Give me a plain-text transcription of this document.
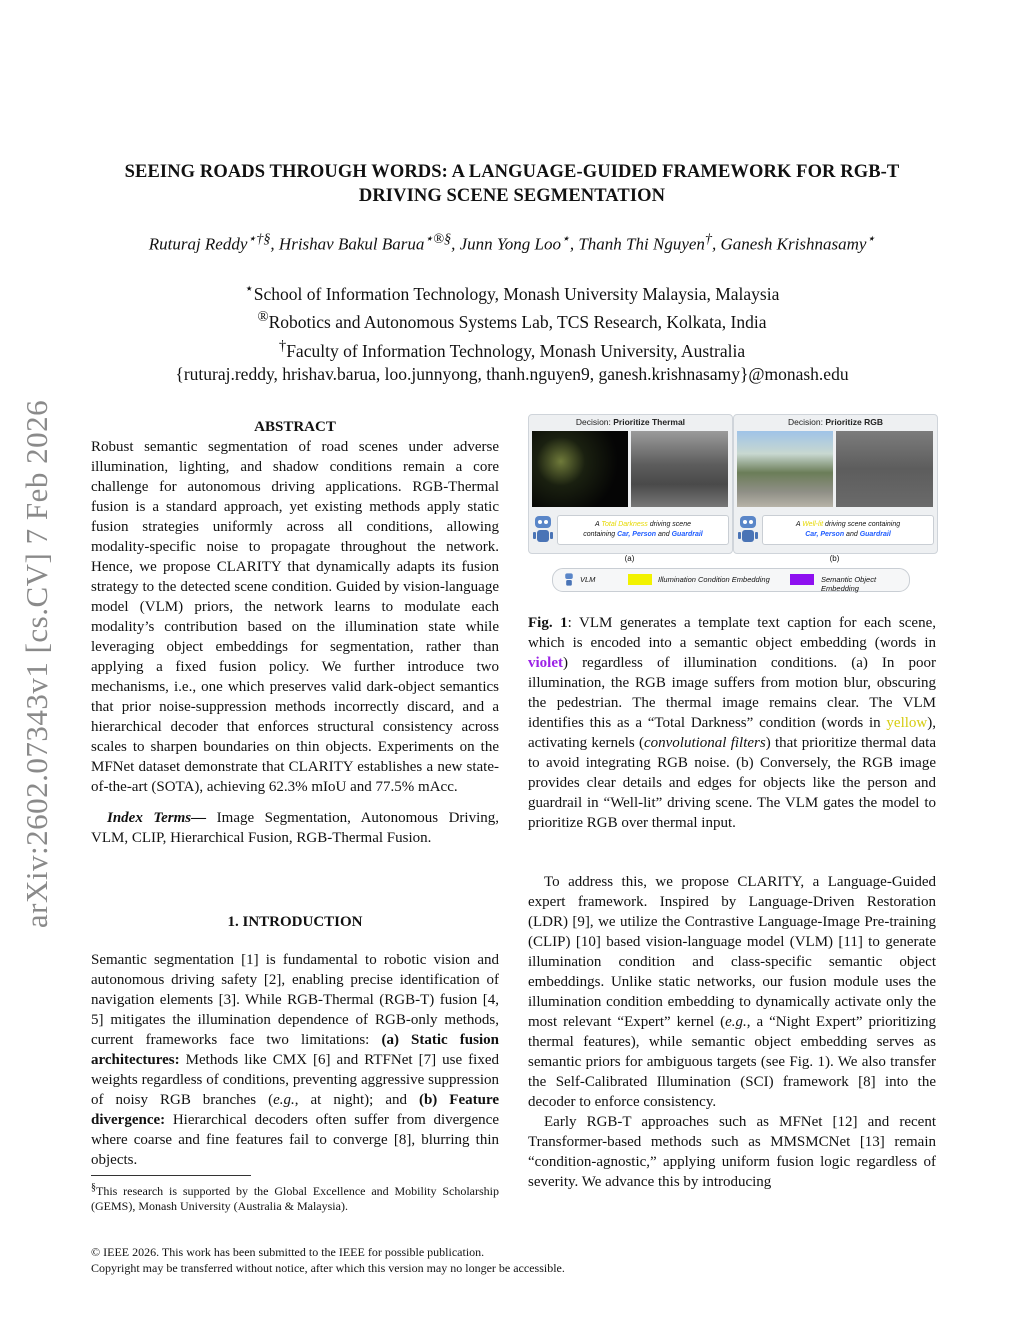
SEEING ROADS THROUGH WORDS: A LANGUAGE-GUIDED FRAMEWORK FOR RGB-T
DRIVING SCENE SEGMENTATION
Ruturaj Reddy⋆†§, Hrishav Bakul Barua⋆®§, Junn Yong Loo⋆, Thanh Thi Nguyen†, Ganesh Krishnasamy⋆
⋆School of Information Technology, Monash University Malaysia, Malaysia
®Robotics and Autonomous Systems Lab, TCS Research, Kolkata, India
†Faculty of Information Technology, Monash University, Australia
{ruturaj.reddy, hrishav.barua, loo.junnyong, thanh.nguyen9, ganesh.krishnasamy}@monash.edu
arXiv:2602.07343v1 [cs.CV] 7 Feb 2026	ABSTRACT

Robust semantic segmentation of road scenes under adverse illumination, lighting, and shadow conditions remain a core challenge for autonomous driving applications. RGB-Thermal fusion is a standard approach, yet existing methods apply static fusion strategies uniformly across all conditions, allowing modality-specific noise to propagate throughout the network. Hence, we propose CLARITY that dynamically adapts its fusion strategy to the detected scene condition. Guided by vision-language model (VLM) priors, the network learns to modulate each modality’s contribution based on the illumination state while leveraging object embeddings for segmentation, rather than applying a fixed fusion policy. We further introduce two mechanisms, i.e., one which preserves valid dark-object semantics that prior noise-suppression methods incorrectly discard, and a hierarchical decoder that enforces structural consistency across scales to sharpen boundaries on thin objects. Experiments on the MFNet dataset demonstrate that CLARITY establishes a new state-of-the-art (SOTA), achieving 62.3% mIoU and 77.5% mAcc.

Index Terms— Image Segmentation, Autonomous Driving, VLM, CLIP, Hierarchical Fusion, RGB-Thermal Fusion.

1. INTRODUCTION

Semantic segmentation [1] is fundamental to robotic vision and autonomous driving safety [2], enabling precise identification of navigation elements [3]. While RGB-Thermal (RGB-T) fusion [4, 5] mitigates the illumination dependence of RGB-only methods, current frameworks face two limitations: (a) Static fusion architectures: Methods like CMX [6] and RTFNet [7] use fixed weights regardless of conditions, preventing aggressive suppression of noisy RGB branches (e.g., at night); and (b) Feature divergence: Hierarchical decoders often suffer from divergence where coarse and fine features fail to converge [8], blurring thin objects.

§This research is supported by the Global Excellence and Mobility Scholarship (GEMS), Monash University (Australia & Malaysia).
Decision: Prioritize Thermal
A Total Darkness driving scene
containing Car, Person and Guardrail
(a)
Decision: Prioritize RGB
A Well-lit driving scene containing
Car, Person and Guardrail
(b)
VLM	Illumination Condition Embedding	Semantic Object Embedding

Fig. 1: VLM generates a template text caption for each scene, which is encoded into a semantic object embedding (words in violet) regardless of illumination conditions. (a) In poor illumination, the RGB image suffers from motion blur, obscuring the pedestrian. The thermal image remains clear. The VLM identifies this as a “Total Darkness” condition (words in yellow), activating kernels (convolutional filters) that prioritize thermal data to avoid integrating RGB noise. (b) Conversely, the RGB image provides clear details and edges for objects like the person and guardrail in “Well-lit” driving scene. The VLM gates the model to prioritize RGB over thermal input.

To address this, we propose CLARITY, a Language-Guided expert framework. Inspired by Language-Driven Restoration (LDR) [9], we utilize the Contrastive Language-Image Pre-training (CLIP) [10] based vision-language model (VLM) [11] to generate illumination condition and class-specific semantic object embeddings. Unlike static networks, our fusion module uses the illumination condition embedding to dynamically activate only the most relevant “Expert” kernel (e.g., a “Night Expert” prioritizing thermal features), while semantic object embedding serves as semantic priors for ambiguous targets (see Fig. 1). We also transfer the Self-Calibrated Illumination (SCI) framework [8] into the decoder to enforce consistency.

Early RGB-T approaches such as MFNet [12] and recent Transformer-based methods such as MMSMCNet [13] remain “condition-agnostic,” applying uniform fusion logic regardless of severity. We advance this by introducing

© IEEE 2026. This work has been submitted to the IEEE for possible publication.
Copyright may be transferred without notice, after which this version may no longer be accessible.
